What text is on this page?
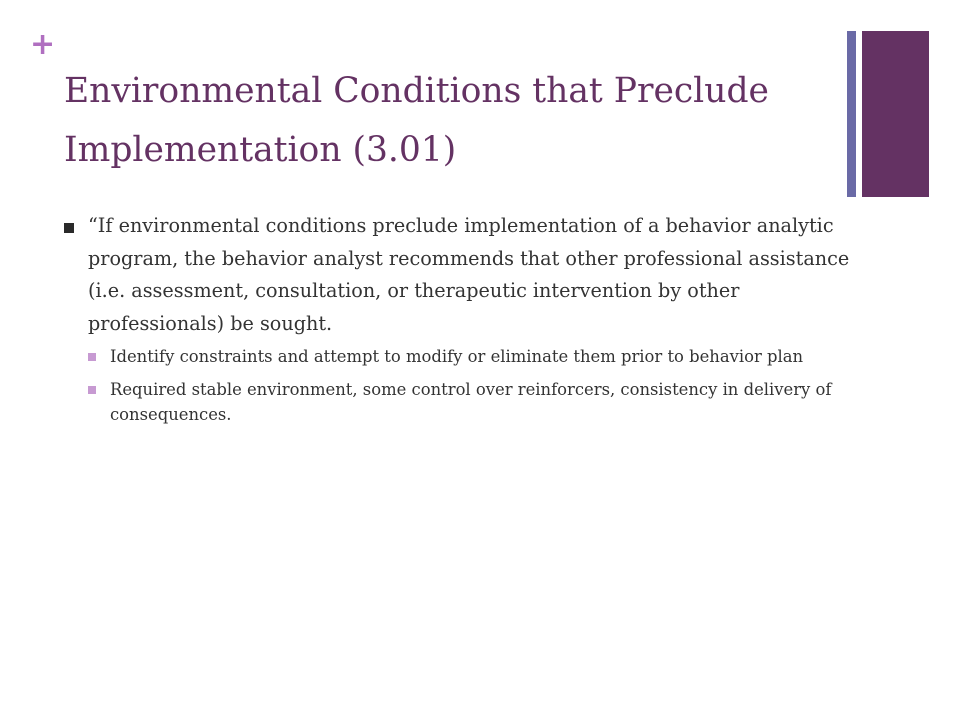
+
Environmental Conditions that Preclude Implementation (3.01)
“If environmental conditions preclude implementation of a behavior analytic program, the behavior analyst recommends that other professional assistance (i.e. assessment, consultation, or therapeutic intervention by other professionals) be sought.
Identify constraints and attempt to modify or eliminate them prior to behavior plan
Required stable environment, some control over reinforcers, consistency in delivery of consequences.
